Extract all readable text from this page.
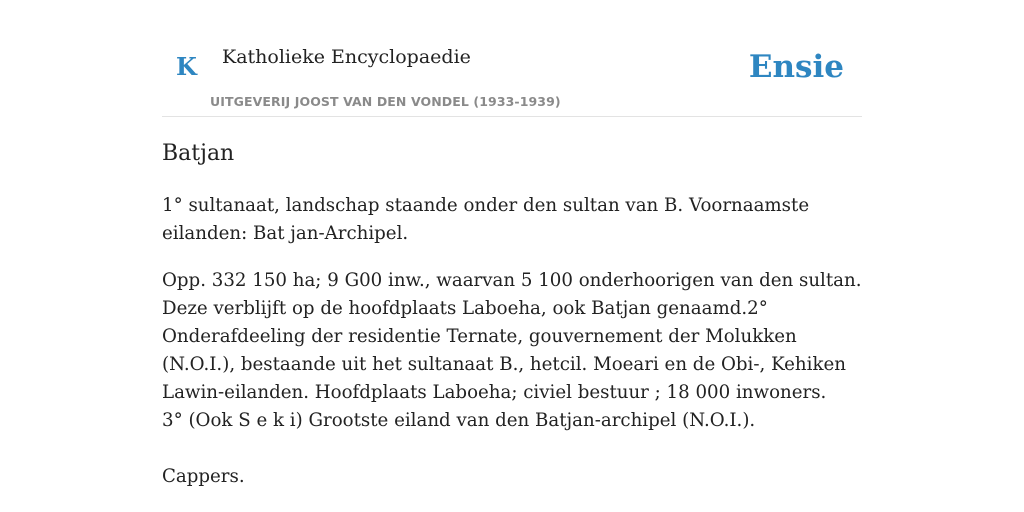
K Katholieke Encyclopaedie
UITGEVERIJ JOOST VAN DEN VONDEL (1933-1939)
Ensie
Batjan

1° sultanaat, landschap staande onder den sultan van B. Voornaamste eilanden: Bat jan-Archipel.

Opp. 332 150 ha; 9 G00 inw., waarvan 5 100 onderhoorigen van den sultan. Deze verblijft op de hoofdplaats Laboeha, ook Batjan genaamd.2° Onderafdeeling der residentie Ternate, gouvernement der Molukken (N.O.I.), bestaande uit het sultanaat B., hetcil. Moeari en de Obi-, Kehiken Lawin-eilanden. Hoofdplaats Laboeha; civiel bestuur ; 18 000 inwoners.
3° (Ook S e k i) Grootste eiland van den Batjan-archipel (N.O.I.).

Cappers.
